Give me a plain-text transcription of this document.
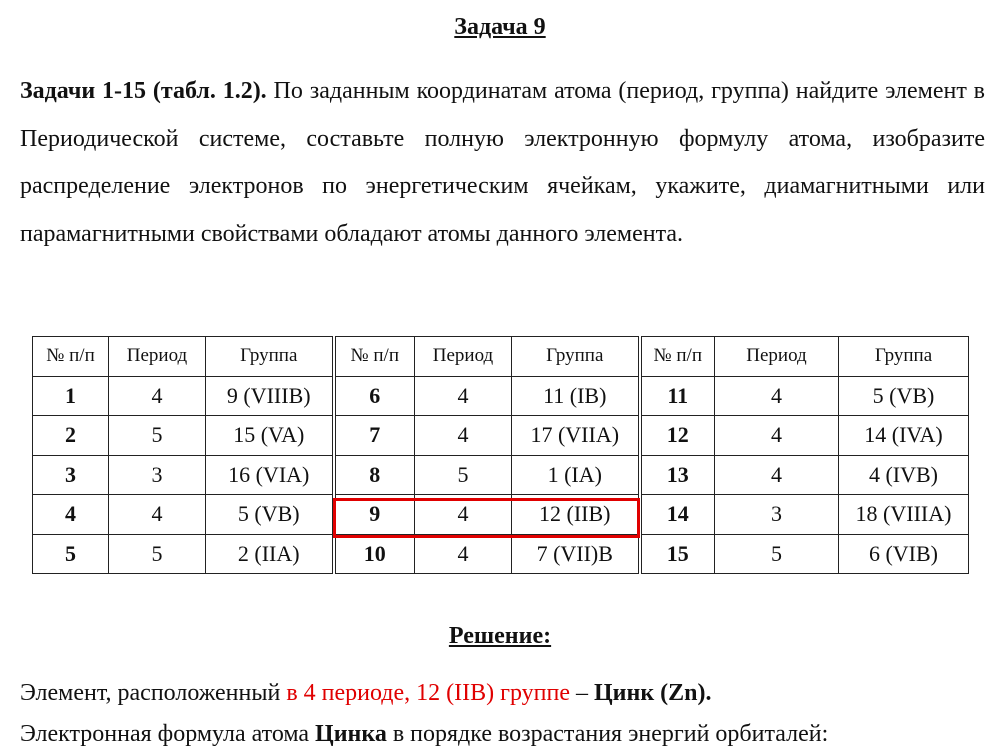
Задача 9
Задачи 1-15 (табл. 1.2). По заданным координатам атома (период, группа) найдите элемент в Периодической системе, составьте полную электронную формулу атома, изобразите распределение электронов по энергетическим ячейкам, укажите, диамагнитными или парамагнитными свойствами обладают атомы данного элемента.
№ п/п	Период	Группа	№ п/п	Период	Группа	№ п/п	Период	Группа
1	4	9 (VIIIB)	6	4	11 (IB)	11	4	5 (VB)
2	5	15 (VA)	7	4	17 (VIIA)	12	4	14 (IVA)
3	3	16 (VIA)	8	5	1 (IA)	13	4	4 (IVB)
4	4	5 (VB)	9	4	12 (IIB)	14	3	18 (VIIIA)
5	5	2 (IIA)	10	4	7 (VII)B	15	5	6 (VIB)
Решение:
Элемент, расположенный в 4 периоде, 12 (IIB) группе – Цинк (Zn).
Электронная формула атома Цинка в порядке возрастания энергий орбиталей:
